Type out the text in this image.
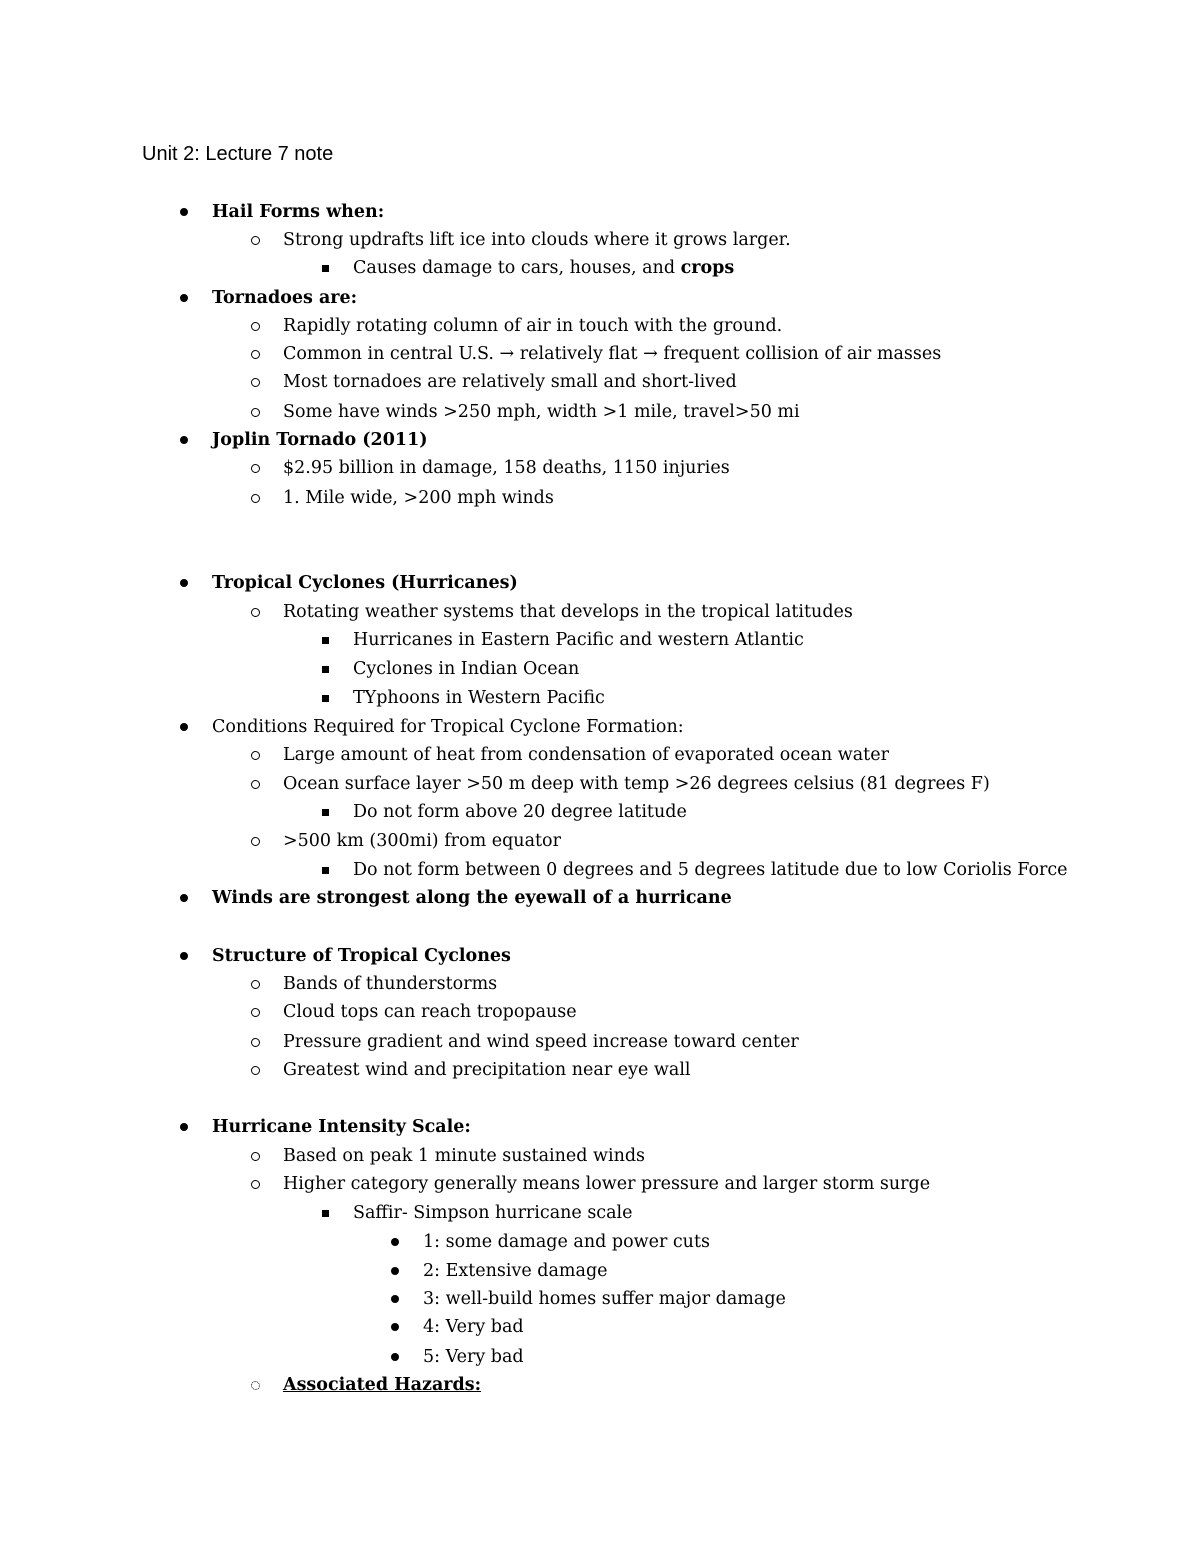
Unit 2: Lecture 7 note
Hail Forms when:
Strong updrafts lift ice into clouds where it grows larger.
Causes damage to cars, houses, and crops
Tornadoes are:
Rapidly rotating column of air in touch with the ground.
Common in central U.S. → relatively flat → frequent collision of air masses
Most tornadoes are relatively small and short-lived
Some have winds >250 mph, width >1 mile, travel>50 mi
Joplin Tornado (2011)
$2.95 billion in damage, 158 deaths, 1150 injuries
1. Mile wide, >200 mph winds
Tropical Cyclones (Hurricanes)
Rotating weather systems that develops in the tropical latitudes
Hurricanes in Eastern Pacific and western Atlantic
Cyclones in Indian Ocean
TYphoons in Western Pacific
Conditions Required for Tropical Cyclone Formation:
Large amount of heat from condensation of evaporated ocean water
Ocean surface layer >50 m deep with temp >26 degrees celsius (81 degrees F)
Do not form above 20 degree latitude
>500 km (300mi) from equator
Do not form between 0 degrees and 5 degrees latitude due to low Coriolis Force
Winds are strongest along the eyewall of a hurricane
Structure of Tropical Cyclones
Bands of thunderstorms
Cloud tops can reach tropopause
Pressure gradient and wind speed increase toward center
Greatest wind and precipitation near eye wall
Hurricane Intensity Scale:
Based on peak 1 minute sustained winds
Higher category generally means lower pressure and larger storm surge
Saffir- Simpson hurricane scale
1: some damage and power cuts
2: Extensive damage
3: well-build homes suffer major damage
4: Very bad
5: Very bad
Associated Hazards:
